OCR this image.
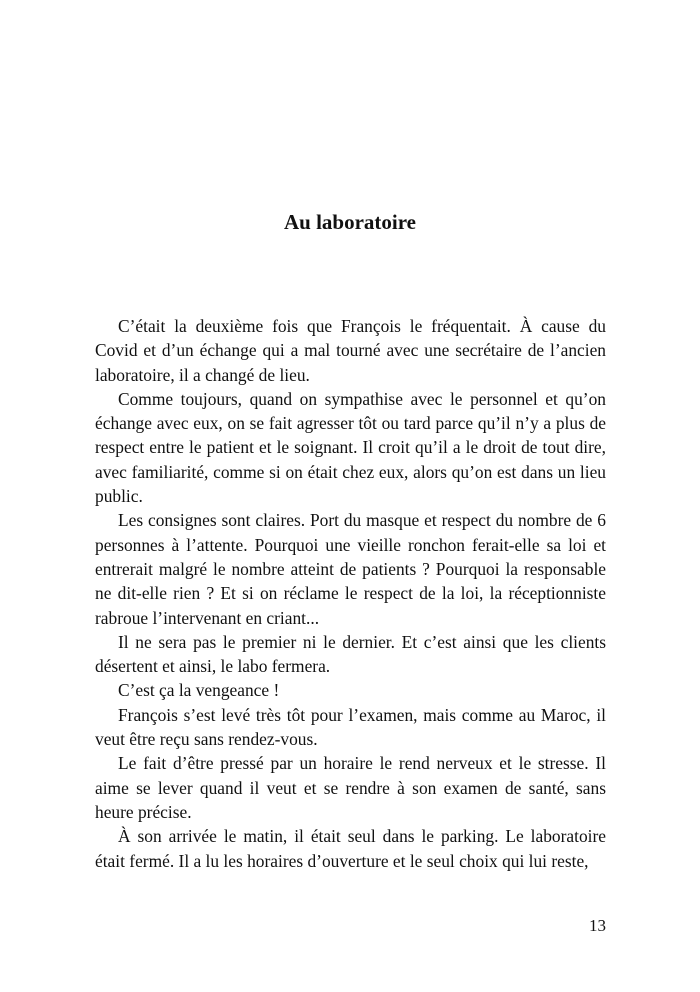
Au laboratoire

C’était la deuxième fois que François le fréquentait. À cause du Covid et d’un échange qui a mal tourné avec une secrétaire de l’ancien laboratoire, il a changé de lieu.

Comme toujours, quand on sympathise avec le personnel et qu’on échange avec eux, on se fait agresser tôt ou tard parce qu’il n’y a plus de respect entre le patient et le soignant. Il croit qu’il a le droit de tout dire, avec familiarité, comme si on était chez eux, alors qu’on est dans un lieu public.

Les consignes sont claires. Port du masque et respect du nombre de 6 personnes à l’attente. Pourquoi une vieille ronchon ferait-elle sa loi et entrerait malgré le nombre atteint de patients ? Pourquoi la responsable ne dit-elle rien ? Et si on réclame le respect de la loi, la réceptionniste rabroue l’intervenant en criant...

Il ne sera pas le premier ni le dernier. Et c’est ainsi que les clients désertent et ainsi, le labo fermera.

C’est ça la vengeance !

François s’est levé très tôt pour l’examen, mais comme au Maroc, il veut être reçu sans rendez-vous.

Le fait d’être pressé par un horaire le rend nerveux et le stresse. Il aime se lever quand il veut et se rendre à son examen de santé, sans heure précise.

À son arrivée le matin, il était seul dans le parking. Le laboratoire était fermé. Il a lu les horaires d’ouverture et le seul choix qui lui reste,

13
